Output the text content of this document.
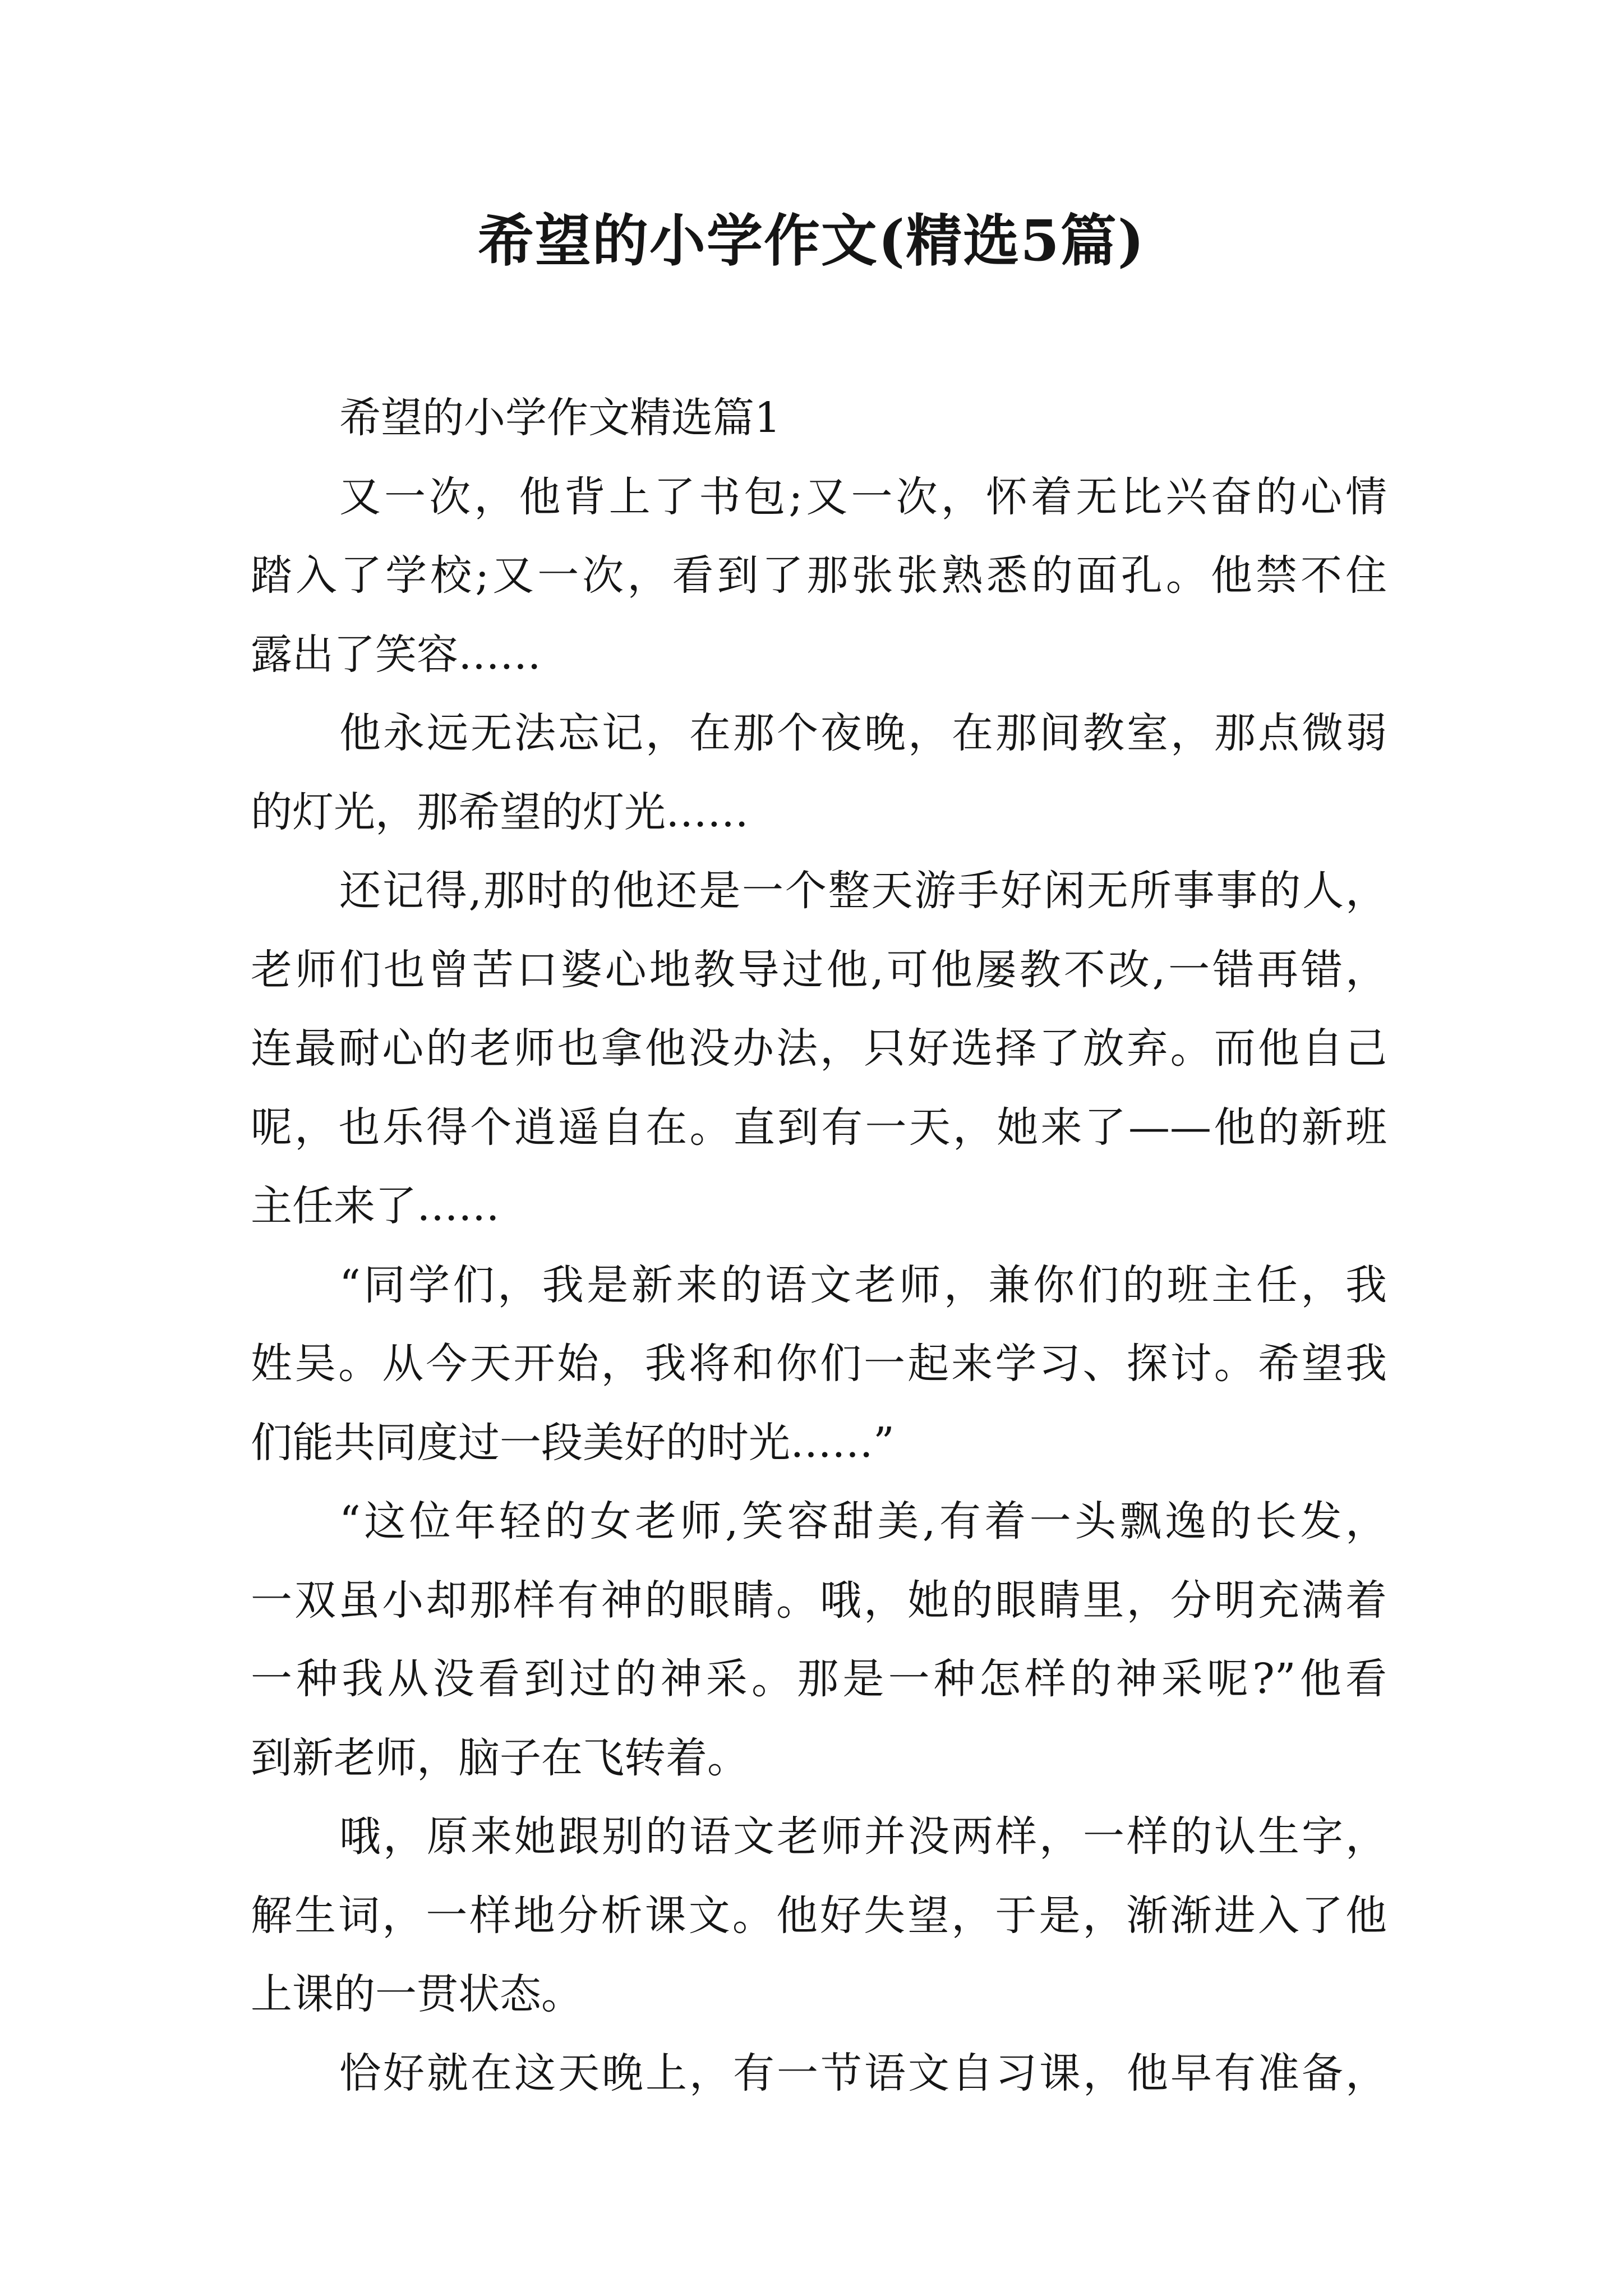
希望的小学作文(精选5篇)
希望的小学作文精选篇1
又一次，他背上了书包;又一次，怀着无比兴奋的心情
踏入了学校;又一次，看到了那张张熟悉的面孔。他禁不住
露出了笑容……
他永远无法忘记，在那个夜晚，在那间教室，那点微弱
的灯光，那希望的灯光……
还记得,那时的他还是一个整天游手好闲无所事事的人，
老师们也曾苦口婆心地教导过他,可他屡教不改,一错再错，
连最耐心的老师也拿他没办法，只好选择了放弃。而他自己
呢，也乐得个逍遥自在。直到有一天，她来了——他的新班
主任来了……
“同学们，我是新来的语文老师，兼你们的班主任，我
姓吴。从今天开始，我将和你们一起来学习、探讨。希望我
们能共同度过一段美好的时光……”
“这位年轻的女老师,笑容甜美,有着一头飘逸的长发，
一双虽小却那样有神的眼睛。哦，她的眼睛里，分明充满着
一种我从没看到过的神采。那是一种怎样的神采呢?”他看
到新老师，脑子在飞转着。
哦，原来她跟别的语文老师并没两样，一样的认生字，
解生词，一样地分析课文。他好失望，于是，渐渐进入了他
上课的一贯状态。
恰好就在这天晚上，有一节语文自习课，他早有准备，
